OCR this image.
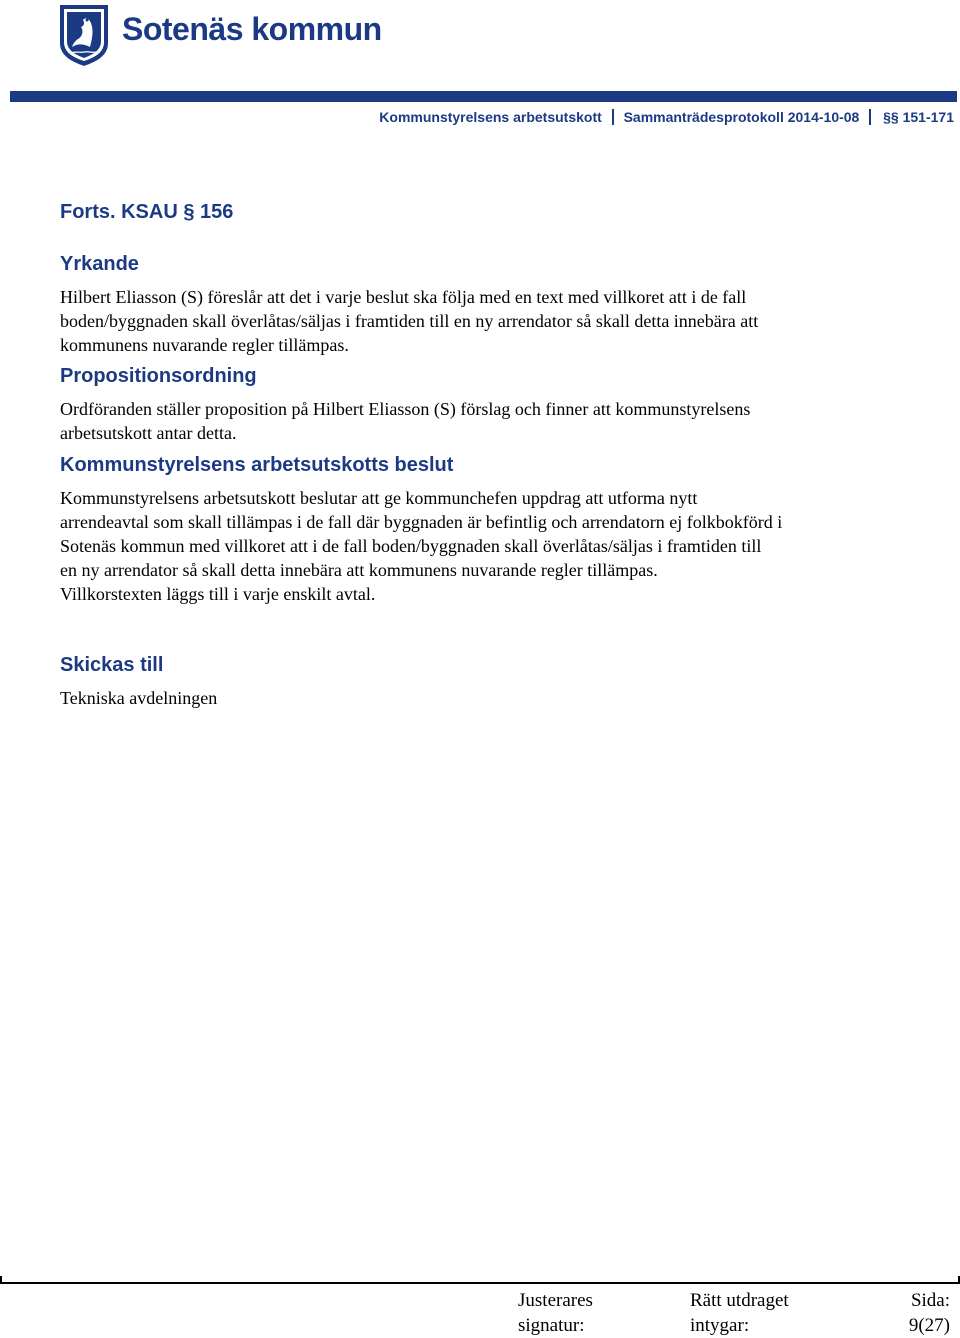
Sotenäs kommun
Kommunstyrelsens arbetsutskott Sammanträdesprotokoll 2014-10-08 §§ 151-171
Forts. KSAU § 156
Yrkande

Hilbert Eliasson (S) föreslår att det i varje beslut ska följa med en text med villkoret att i de fall
boden/byggnaden skall överlåtas/säljas i framtiden till en ny arrendator så skall detta innebära att
kommunens nuvarande regler tillämpas.

Propositionsordning

Ordföranden ställer proposition på Hilbert Eliasson (S) förslag och finner att kommunstyrelsens
arbetsutskott antar detta.

Kommunstyrelsens arbetsutskotts beslut

Kommunstyrelsens arbetsutskott beslutar att ge kommunchefen uppdrag att utforma nytt
arrendeavtal som skall tillämpas i de fall där byggnaden är befintlig och arrendatorn ej folkbokförd i
Sotenäs kommun med villkoret att i de fall boden/byggnaden skall överlåtas/säljas i framtiden till
en ny arrendator så skall detta innebära att kommunens nuvarande regler tillämpas.
Villkorstexten läggs till i varje enskilt avtal.

Skickas till

Tekniska avdelningen

Justerares
signatur:
Rätt utdraget
intygar:
Sida:
9(27)
